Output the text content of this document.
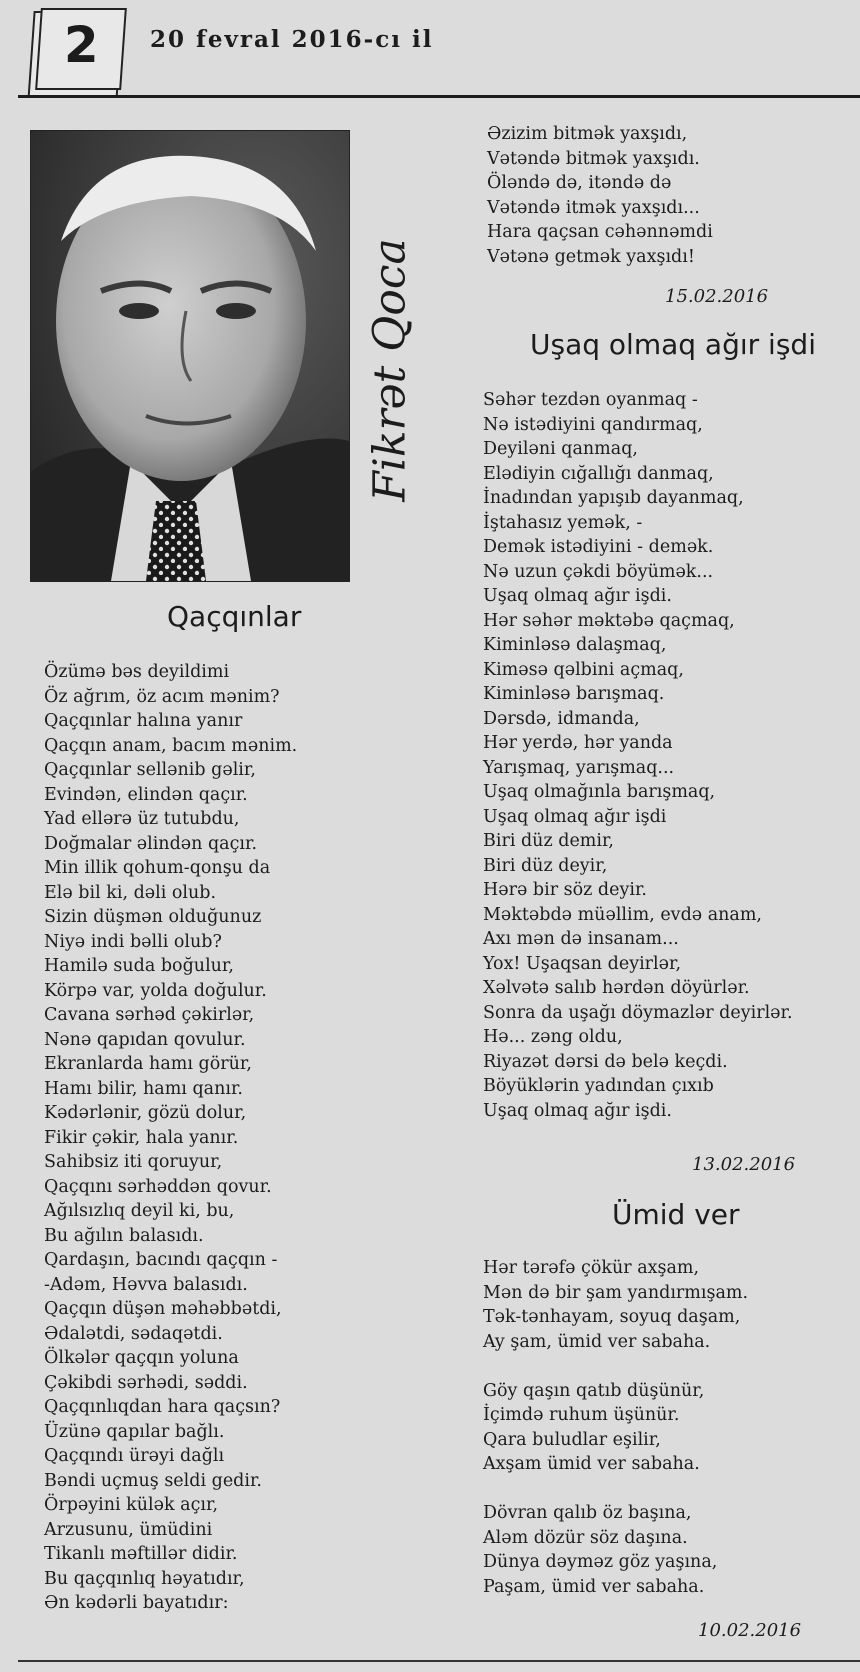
2	20 fevral 2016-cı il
Fikrət Qoca
Əzizim bitmək yaxşıdı,
Vətəndə bitmək yaxşıdı.
Öləndə də, itəndə də
Vətəndə itmək yaxşıdı...
Hara qaçsan cəhənnəmdi
Vətənə getmək yaxşıdı!
15.02.2016
Uşaq olmaq ağır işdi
Səhər tezdən oyanmaq -
Nə istədiyini qandırmaq,
Deyiləni qanmaq,
Elədiyin cığallığı danmaq,
İnadından yapışıb dayanmaq,
İştahasız yemək, -
Demək istədiyini - demək.
Nə uzun çəkdi böyümək...
Uşaq olmaq ağır işdi.
Hər səhər məktəbə qaçmaq,
Kiminləsə dalaşmaq,
Kiməsə qəlbini açmaq,
Kiminləsə barışmaq.
Dərsdə, idmanda,
Hər yerdə, hər yanda
Yarışmaq, yarışmaq...
Uşaq olmağınla barışmaq,
Uşaq olmaq ağır işdi
Biri düz demir,
Biri düz deyir,
Hərə bir söz deyir.
Məktəbdə müəllim, evdə anam,
Axı mən də insanam...
Yox! Uşaqsan deyirlər,
Xəlvətə salıb hərdən döyürlər.
Sonra da uşağı döymazlər deyirlər.
Hə... zəng oldu,
Riyazət dərsi də belə keçdi.
Böyüklərin yadından çıxıb
Uşaq olmaq ağır işdi.
13.02.2016
Ümid ver
Hər tərəfə çökür axşam,
Mən də bir şam yandırmışam.
Tək-tənhayam, soyuq daşam,
Ay şam, ümid ver sabaha.
Göy qaşın qatıb düşünür,
İçimdə ruhum üşünür.
Qara buludlar eşilir,
Axşam ümid ver sabaha.
Dövran qalıb öz başına,
Aləm dözür söz daşına.
Dünya dəyməz göz yaşına,
Paşam, ümid ver sabaha.
10.02.2016
Qaçqınlar
Özümə bəs deyildimi
Öz ağrım, öz acım mənim?
Qaçqınlar halına yanır
Qaçqın anam, bacım mənim.
Qaçqınlar sellənib gəlir,
Evindən, elindən qaçır.
Yad ellərə üz tutubdu,
Doğmalar əlindən qaçır.
Min illik qohum-qonşu da
Elə bil ki, dəli olub.
Sizin düşmən olduğunuz
Niyə indi bəlli olub?
Hamilə suda boğulur,
Körpə var, yolda doğulur.
Cavana sərhəd çəkirlər,
Nənə qapıdan qovulur.
Ekranlarda hamı görür,
Hamı bilir, hamı qanır.
Kədərlənir, gözü dolur,
Fikir çəkir, hala yanır.
Sahibsiz iti qoruyur,
Qaçqını sərhəddən qovur.
Ağılsızlıq deyil ki, bu,
Bu ağılın balasıdı.
Qardaşın, bacındı qaçqın -
-Adəm, Həvva balasıdı.
Qaçqın düşən məhəbbətdi,
Ədalətdi, sədaqətdi.
Ölkələr qaçqın yoluna
Çəkibdi sərhədi, səddi.
Qaçqınlıqdan hara qaçsın?
Üzünə qapılar bağlı.
Qaçqındı ürəyi dağlı
Bəndi uçmuş seldi gedir.
Örpəyini külək açır,
Arzusunu, ümüdini
Tikanlı məftillər didir.
Bu qaçqınlıq həyatıdır,
Ən kədərli bayatıdır:
